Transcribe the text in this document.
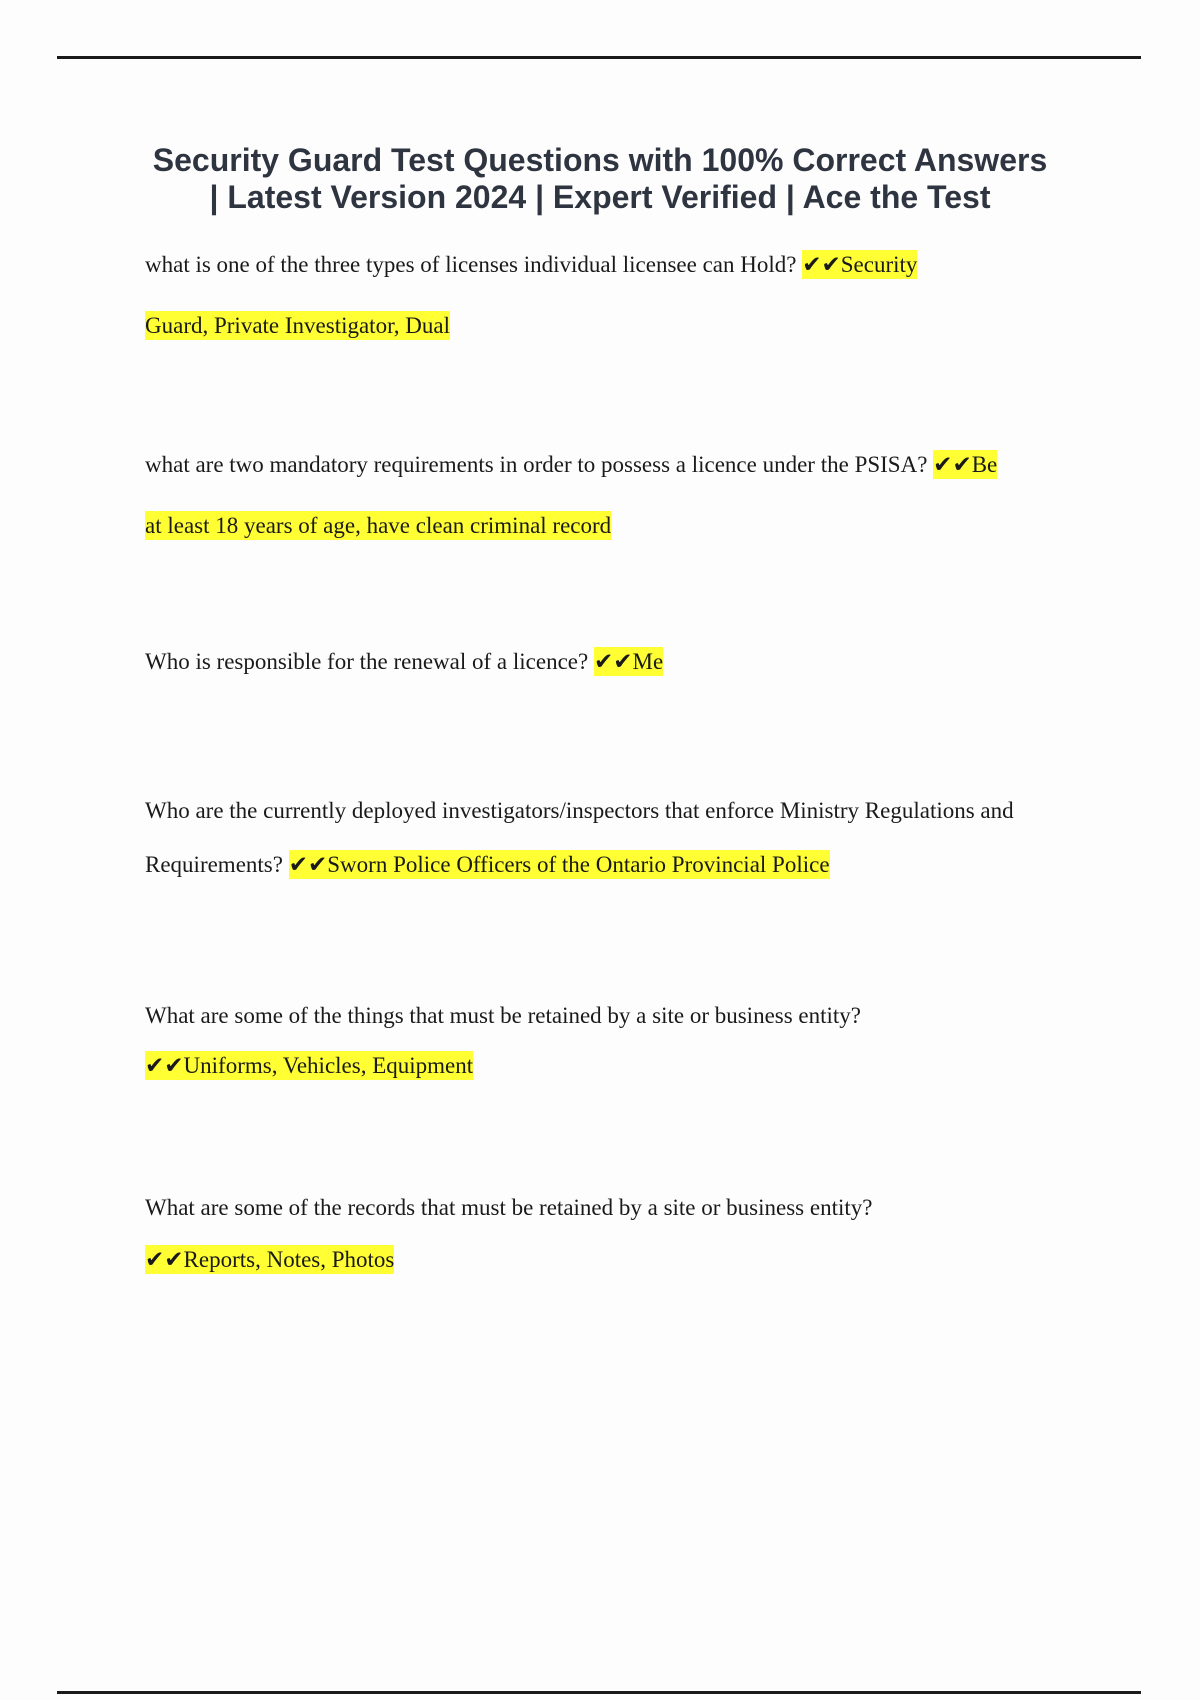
Security Guard Test Questions with 100% Correct Answers
| Latest Version 2024 | Expert Verified | Ace the Test
what is one of the three types of licenses individual licensee can Hold? ✔✔Security
Guard, Private Investigator, Dual
what are two mandatory requirements in order to possess a licence under the PSISA? ✔✔Be
at least 18 years of age, have clean criminal record
Who is responsible for the renewal of a licence? ✔✔Me
Who are the currently deployed investigators/inspectors that enforce Ministry Regulations and
Requirements? ✔✔Sworn Police Officers of the Ontario Provincial Police
What are some of the things that must be retained by a site or business entity?
✔✔Uniforms, Vehicles, Equipment
What are some of the records that must be retained by a site or business entity?
✔✔Reports, Notes, Photos
